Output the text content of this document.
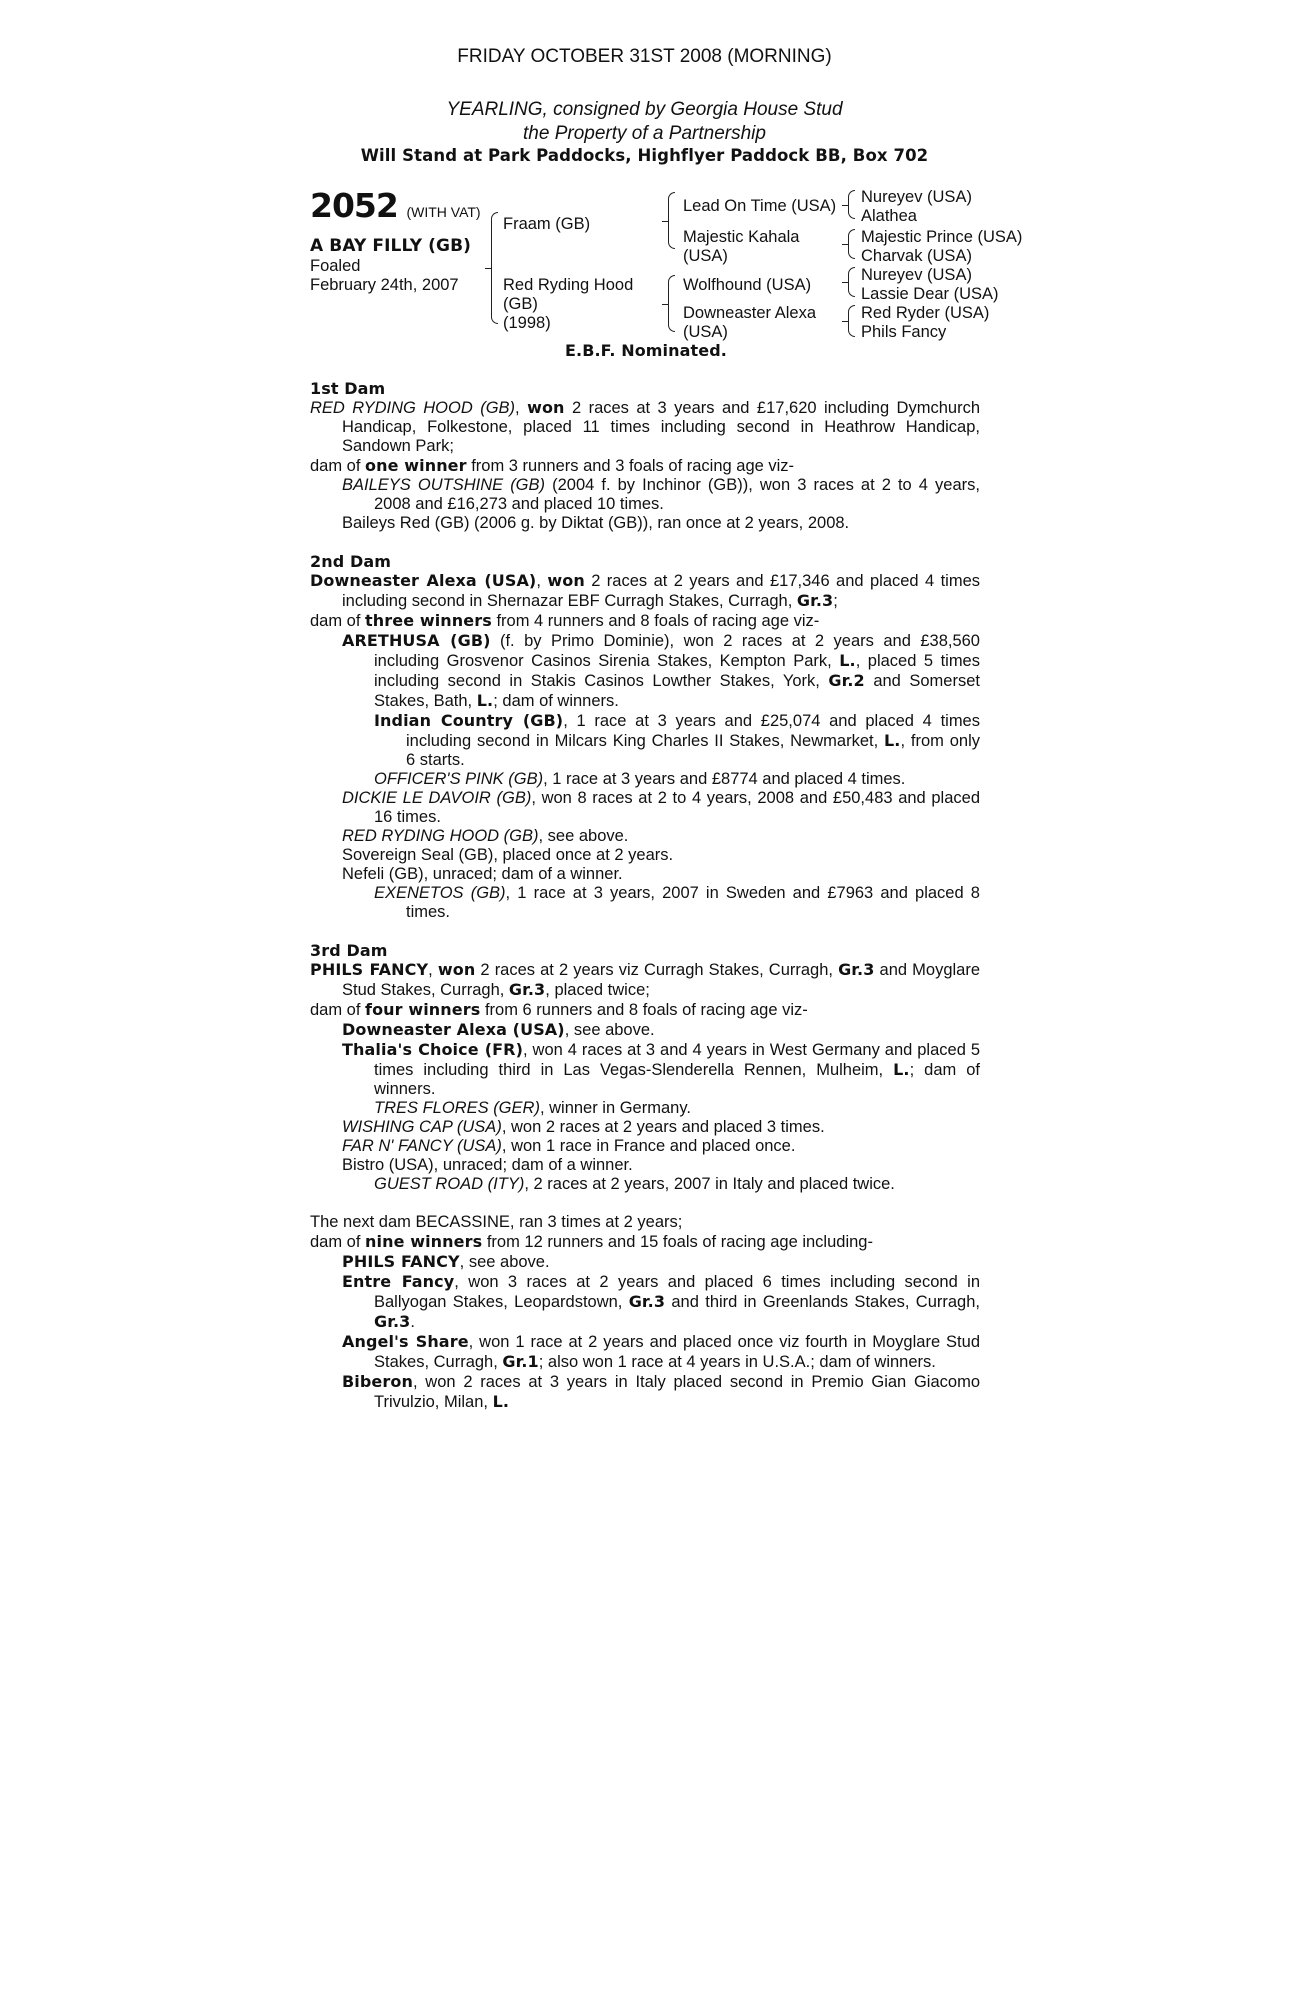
FRIDAY OCTOBER 31ST 2008 (MORNING)
YEARLING, consigned by Georgia House Stud
the Property of a Partnership
Will Stand at Park Paddocks, Highflyer Paddock BB, Box 702
2052 (WITH VAT)
A BAY FILLY (GB)
Foaled
February 24th, 2007
Fraam (GB)
Red Ryding Hood
(GB)
(1998)
Lead On Time (USA)
Majestic Kahala
(USA)
Wolfhound (USA)
Downeaster Alexa
(USA)
Nureyev (USA)
Alathea
Majestic Prince (USA)
Charvak (USA)
Nureyev (USA)
Lassie Dear (USA)
Red Ryder (USA)
Phils Fancy
E.B.F. Nominated.
1st Dam

RED RYDING HOOD (GB), won 2 races at 3 years and £17,620 including Dymchurch Handicap, Folkestone, placed 11 times including second in Heathrow Handicap, Sandown Park;

dam of one winner from 3 runners and 3 foals of racing age viz-

BAILEYS OUTSHINE (GB) (2004 f. by Inchinor (GB)), won 3 races at 2 to 4 years, 2008 and £16,273 and placed 10 times.

Baileys Red (GB) (2006 g. by Diktat (GB)), ran once at 2 years, 2008.

2nd Dam

Downeaster Alexa (USA), won 2 races at 2 years and £17,346 and placed 4 times including second in Shernazar EBF Curragh Stakes, Curragh, Gr.3;

dam of three winners from 4 runners and 8 foals of racing age viz-

ARETHUSA (GB) (f. by Primo Dominie), won 2 races at 2 years and £38,560 including Grosvenor Casinos Sirenia Stakes, Kempton Park, L., placed 5 times including second in Stakis Casinos Lowther Stakes, York, Gr.2 and Somerset Stakes, Bath, L.; dam of winners.

Indian Country (GB), 1 race at 3 years and £25,074 and placed 4 times including second in Milcars King Charles II Stakes, Newmarket, L., from only 6 starts.

OFFICER'S PINK (GB), 1 race at 3 years and £8774 and placed 4 times.

DICKIE LE DAVOIR (GB), won 8 races at 2 to 4 years, 2008 and £50,483 and placed 16 times.

RED RYDING HOOD (GB), see above.

Sovereign Seal (GB), placed once at 2 years.

Nefeli (GB), unraced; dam of a winner.

EXENETOS (GB), 1 race at 3 years, 2007 in Sweden and £7963 and placed 8 times.

3rd Dam

PHILS FANCY, won 2 races at 2 years viz Curragh Stakes, Curragh, Gr.3 and Moyglare Stud Stakes, Curragh, Gr.3, placed twice;

dam of four winners from 6 runners and 8 foals of racing age viz-

Downeaster Alexa (USA), see above.

Thalia's Choice (FR), won 4 races at 3 and 4 years in West Germany and placed 5 times including third in Las Vegas-Slenderella Rennen, Mulheim, L.; dam of winners.

TRES FLORES (GER), winner in Germany.

WISHING CAP (USA), won 2 races at 2 years and placed 3 times.

FAR N' FANCY (USA), won 1 race in France and placed once.

Bistro (USA), unraced; dam of a winner.

GUEST ROAD (ITY), 2 races at 2 years, 2007 in Italy and placed twice.

The next dam BECASSINE, ran 3 times at 2 years;

dam of nine winners from 12 runners and 15 foals of racing age including-

PHILS FANCY, see above.

Entre Fancy, won 3 races at 2 years and placed 6 times including second in Ballyogan Stakes, Leopardstown, Gr.3 and third in Greenlands Stakes, Curragh, Gr.3.

Angel's Share, won 1 race at 2 years and placed once viz fourth in Moyglare Stud Stakes, Curragh, Gr.1; also won 1 race at 4 years in U.S.A.; dam of winners.

Biberon, won 2 races at 3 years in Italy placed second in Premio Gian Giacomo Trivulzio, Milan, L.
